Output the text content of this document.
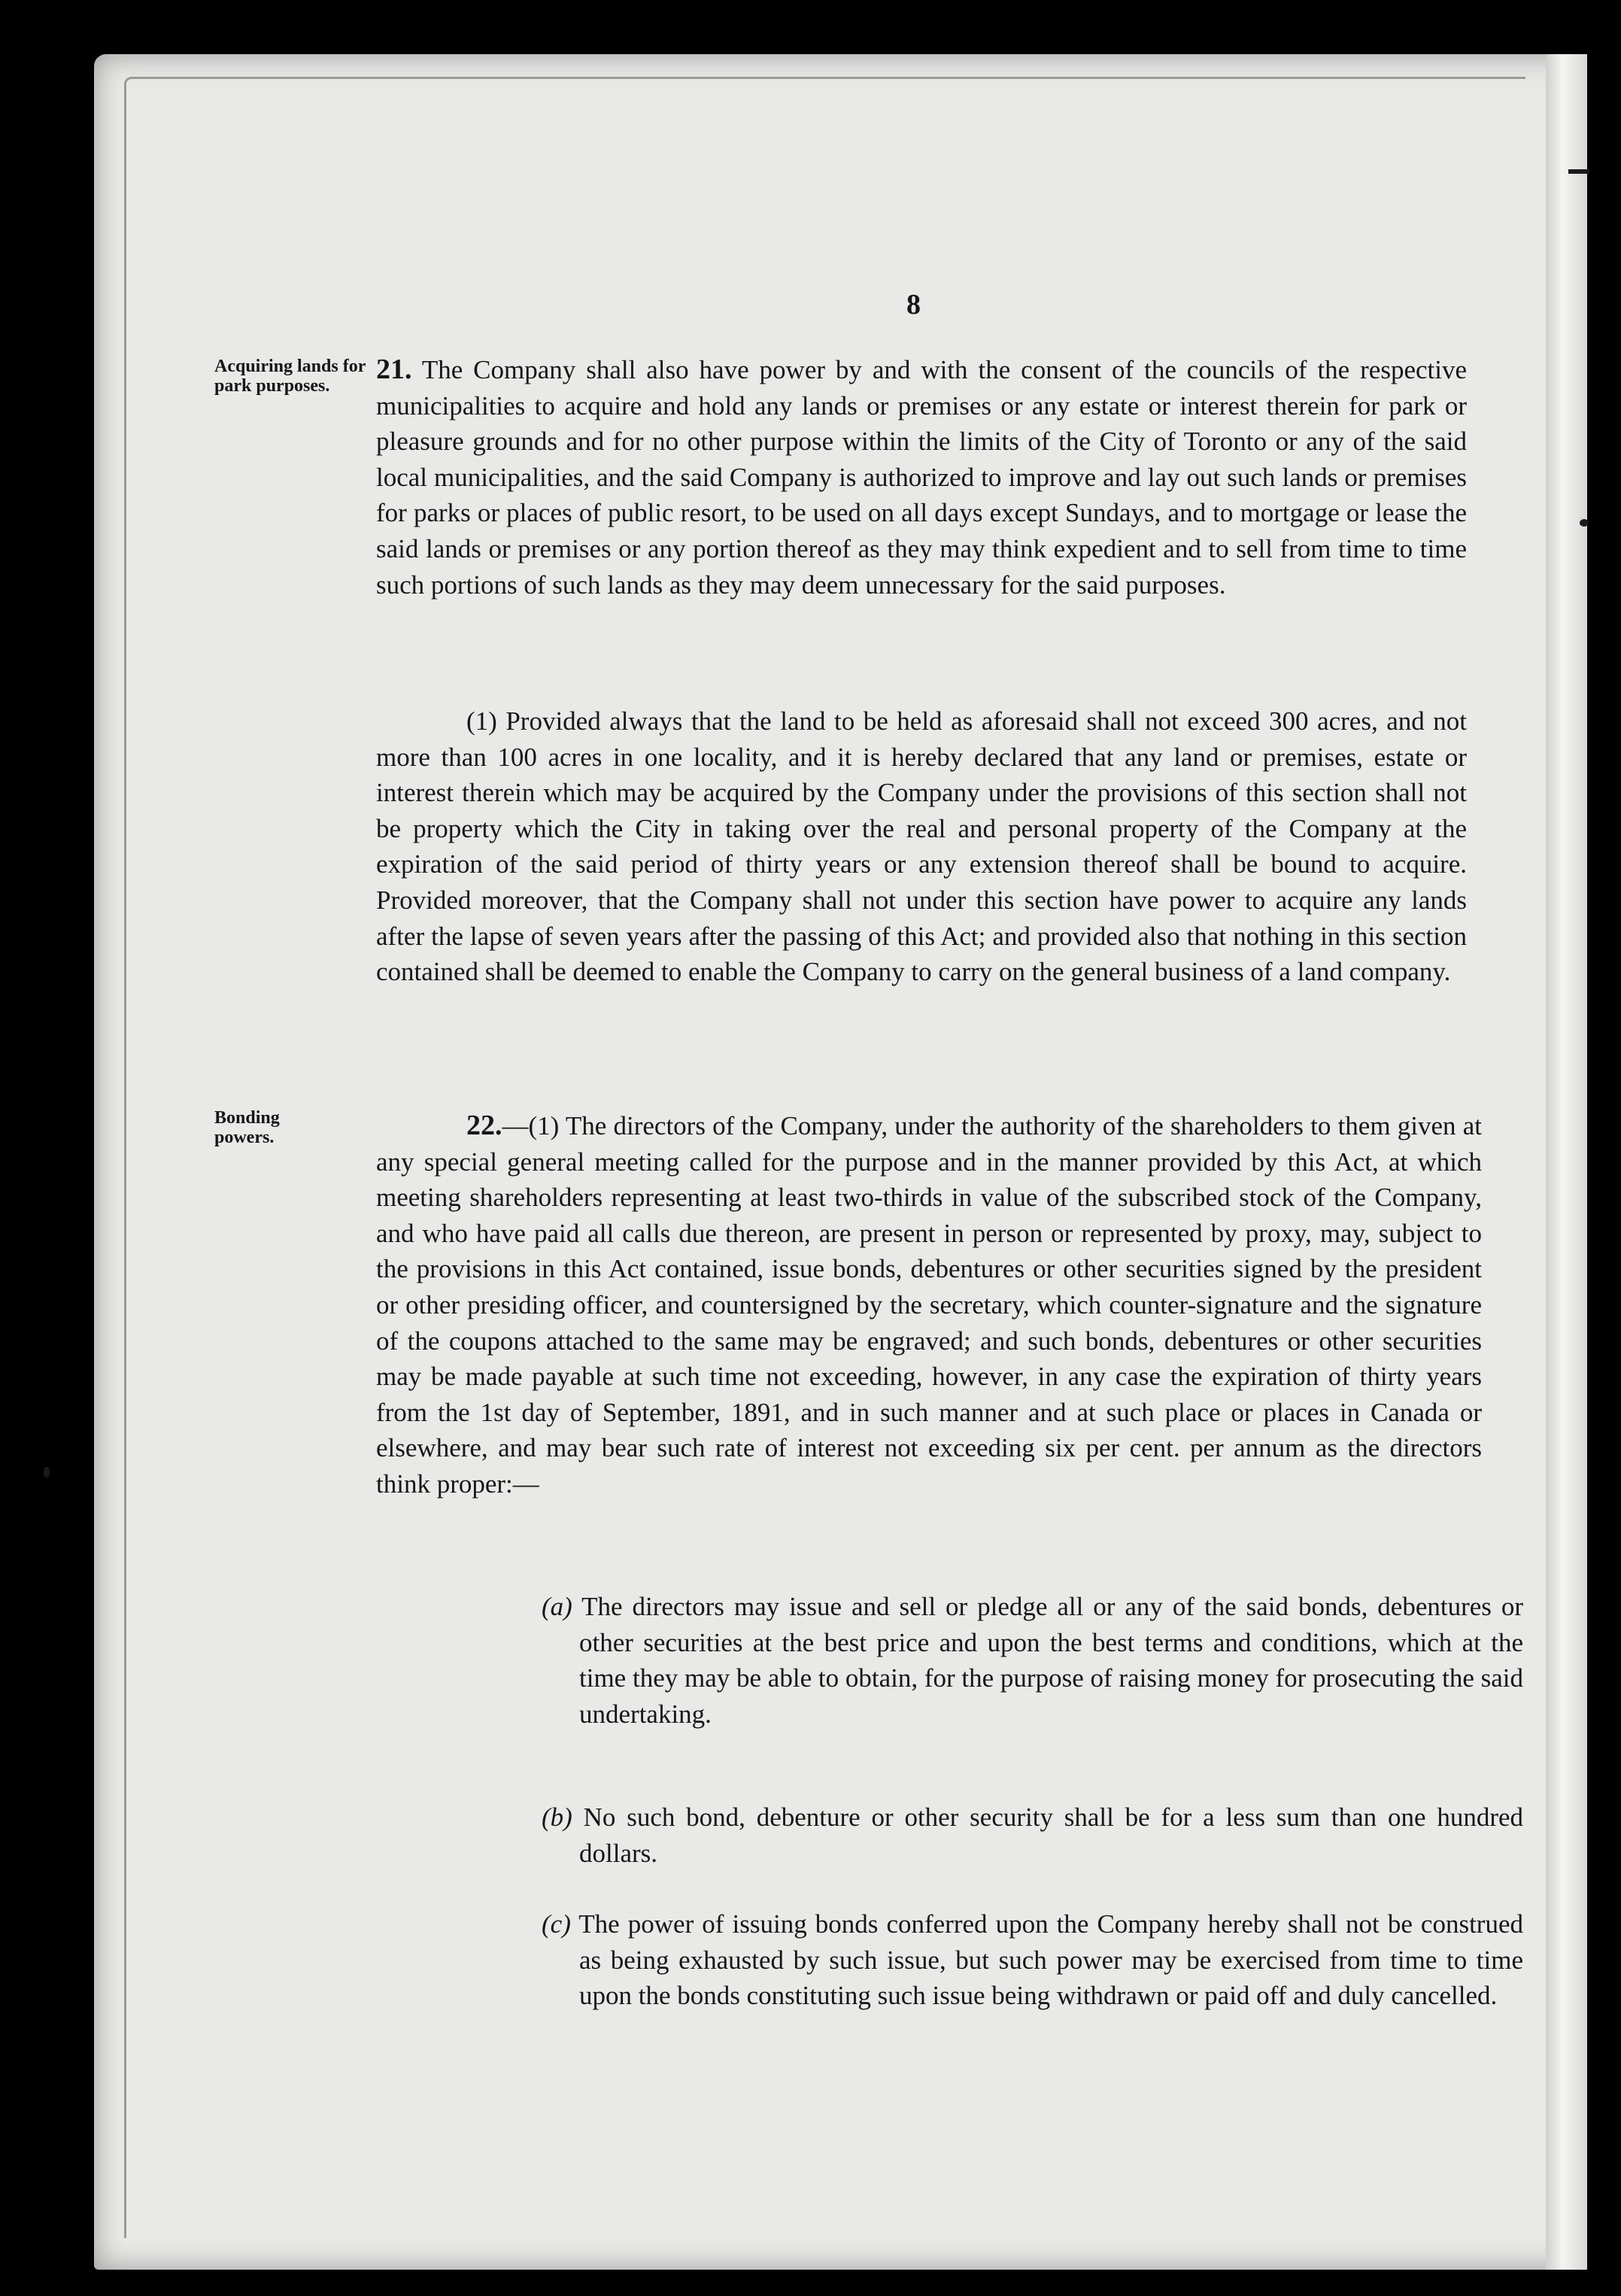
8
Acquiring lands for park purposes.
Bonding powers.

21. The Company shall also have power by and with the consent of the councils of the respective municipalities to acquire and hold any lands or premises or any estate or interest therein for park or pleasure grounds and for no other purpose within the limits of the City of Toronto or any of the said local municipalities, and the said Company is authorized to improve and lay out such lands or premises for parks or places of public resort, to be used on all days except Sundays, and to mortgage or lease the said lands or premises or any portion thereof as they may think expedient and to sell from time to time such portions of such lands as they may deem unnecessary for the said purposes.

(1) Provided always that the land to be held as aforesaid shall not exceed 300 acres, and not more than 100 acres in one locality, and it is hereby declared that any land or premises, estate or interest therein which may be acquired by the Company under the provisions of this section shall not be property which the City in taking over the real and personal property of the Company at the expiration of the said period of thirty years or any extension thereof shall be bound to acquire. Provided moreover, that the Company shall not under this section have power to acquire any lands after the lapse of seven years after the passing of this Act; and provided also that nothing in this section contained shall be deemed to enable the Company to carry on the general business of a land company.

22.—(1) The directors of the Company, under the authority of the shareholders to them given at any special general meeting called for the purpose and in the manner provided by this Act, at which meeting shareholders representing at least two-thirds in value of the subscribed stock of the Company, and who have paid all calls due thereon, are present in person or represented by proxy, may, subject to the provisions in this Act contained, issue bonds, debentures or other securities signed by the president or other presiding officer, and countersigned by the secretary, which counter-signature and the signature of the coupons attached to the same may be engraved; and such bonds, debentures or other securities may be made payable at such time not exceeding, however, in any case the expiration of thirty years from the 1st day of September, 1891, and in such manner and at such place or places in Canada or elsewhere, and may bear such rate of interest not exceeding six per cent. per annum as the directors think proper:—

(a) The directors may issue and sell or pledge all or any of the said bonds, debentures or other securities at the best price and upon the best terms and conditions, which at the time they may be able to obtain, for the purpose of raising money for prosecuting the said undertaking.

(b) No such bond, debenture or other security shall be for a less sum than one hundred dollars.

(c) The power of issuing bonds conferred upon the Company hereby shall not be construed as being exhausted by such issue, but such power may be exercised from time to time upon the bonds constituting such issue being withdrawn or paid off and duly cancelled.
